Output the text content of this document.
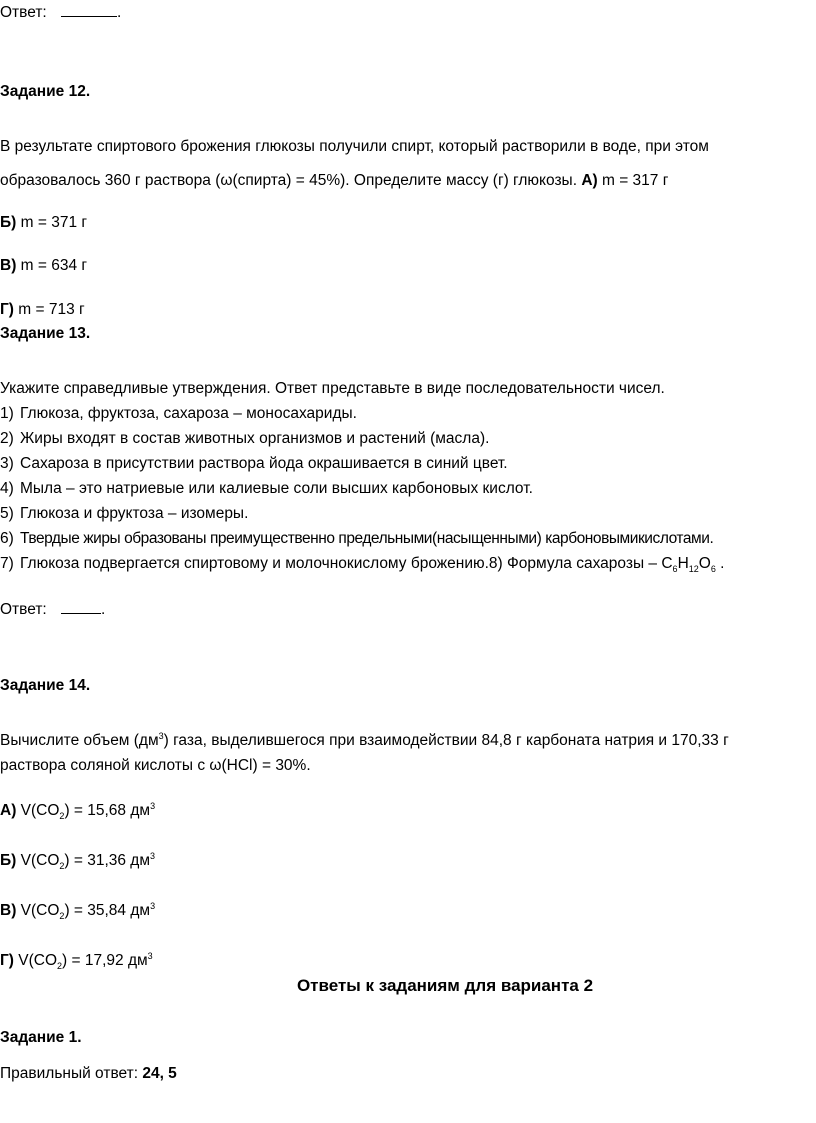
Ответ:	.
Задание 12.
В результате спиртового брожения глюкозы получили спирт, который растворили в воде, при этом
образовалось 360 г раствора (ω(спирта) = 45%). Определите массу (г) глюкозы. А) m = 317 г
Б) m = 371 г
В) m = 634 г
Г) m = 713 г
Задание 13.
Укажите справедливые утверждения. Ответ представьте в виде последовательности чисел.
1) Глюкоза, фруктоза, сахароза – моносахариды.
2) Жиры входят в состав животных организмов и растений (масла).
3) Сахароза в присутствии раствора йода окрашивается в синий цвет.
4) Мыла – это натриевые или калиевые соли высших карбоновых кислот.
5) Глюкоза и фруктоза – изомеры.
6) Твердые жиры образованы преимущественно предельными(насыщенными) карбоновымикислотами.
7) Глюкоза подвергается спиртовому и молочнокислому брожению.8) Формула сахарозы – $C_6H_{12}O_6$ .
Ответ:	.
Задание 14.
Вычислите объем $(дм^3)$ газа, выделившегося при взаимодействии 84,8 г карбоната натрия и 170,33 г
раствора соляной кислоты с ω(HCl) = 30%.
А) $V(CO_2) = 15,68$ $дм^3$
Б) $V(CO_2) = 31,36$ $дм^3$
В) $V(CO_2) = 35,84$ $дм^3$
Г) $V(CO_2) = 17,92$ $дм^3$
Ответы к заданиям для варианта 2
Задание 1.
Правильный ответ: 24, 5
